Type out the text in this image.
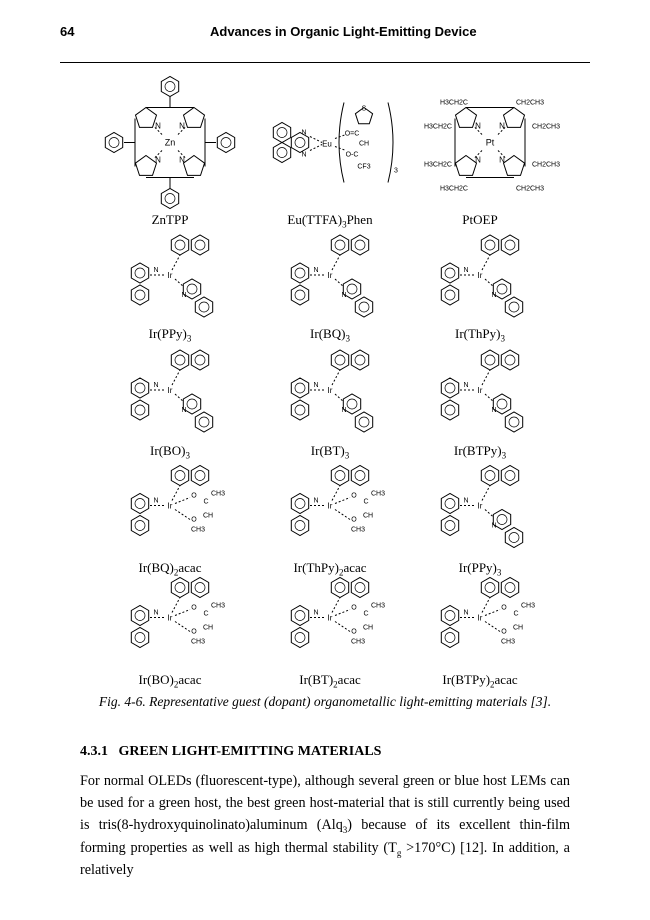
64	Advances in Organic Light-Emitting Device
N N
N N
Zn
ZnTPP
N
N
Eu
S
O=C
CH
O-C
CF3
3
$Eu(TTFA)_3Phen$
N N
N N
Pt
H3CH2C	CH2CH3
H3CH2C	CH2CH3
H3CH2C	CH2CH3
H3CH2C	CH2CH3
PtOEP
Ir
N
N
$Ir(PPy)_3$
Ir
N
N
$Ir(BQ)_3$
Ir
N
N
$Ir(ThPy)_3$
Ir
N
N
$Ir(BO)_3$
Ir
N
N
$Ir(BT)_3$
Ir
N
N
$Ir(BTPy)_3$
Ir
N
O
C
CH3
CH
O
CH3
$Ir(BQ)_2acac$
Ir
N
O
C
CH3
CH
O
CH3
$Ir(ThPy)_2acac$
Ir
N
N
$Ir(PPy)_3$
Ir
N
O
C
CH3
CH
O
CH3
$Ir(BO)_2acac$
Ir
N
O
C
CH3
CH
O
CH3
$Ir(BT)_2acac$
Ir
N
O
C
CH3
CH
O
CH3
$Ir(BTPy)_2acac$
Fig. 4-6. Representative guest (dopant) organometallic light-emitting materials [3].
4.3.1 GREEN LIGHT-EMITTING MATERIALS

For normal OLEDs (fluorescent-type), although several green or blue host LEMs can be used for a green host, the best green host-material that is still currently being used is tris(8-hydroxyquinolinato)aluminum (Alq$_3$) because of its excellent thin-film forming properties as well as high thermal stability $(T_g >170^\circ C)$ [12]. In addition, a relatively
